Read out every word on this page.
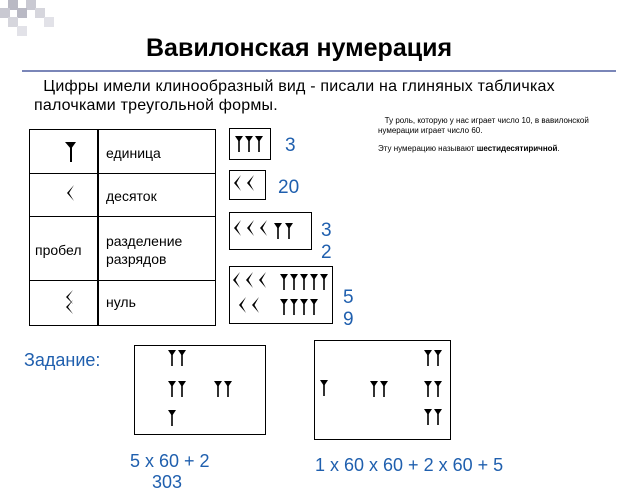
Вавилонская нумерация
Цифры имели клинообразный вид - писали на глиняных табличках палочками треугольной формы.

Ту роль, которую у нас играет число 10, в вавилонской нумерации играет число 60.

Эту нумерацию называют шестидесятиричной.

единица
десяток
пробел
разделение разрядов
нуль
3
20
3
2
5
9
Задание:
5 х 60 + 2
303
1 х 60 х 60 + 2 х 60 + 5
